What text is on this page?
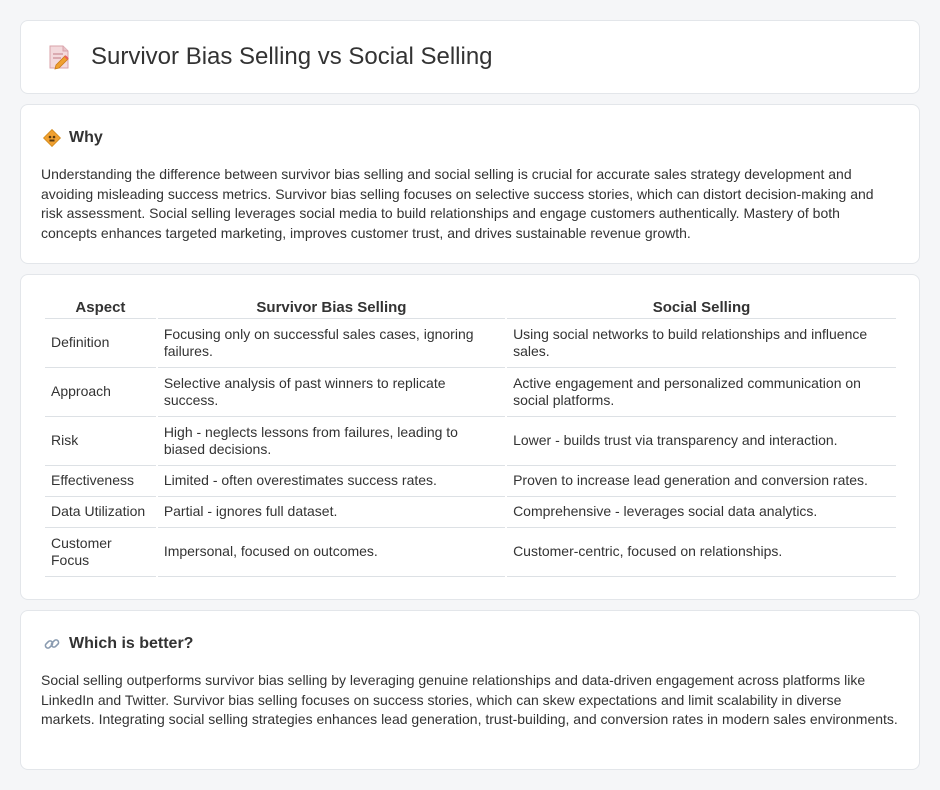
Survivor Bias Selling vs Social Selling
Why

Understanding the difference between survivor bias selling and social selling is crucial for accurate sales strategy development and avoiding misleading success metrics. Survivor bias selling focuses on selective success stories, which can distort decision-making and risk assessment. Social selling leverages social media to build relationships and engage customers authentically. Mastery of both concepts enhances targeted marketing, improves customer trust, and drives sustainable revenue growth.

Aspect	Survivor Bias Selling	Social Selling
Definition	Focusing only on successful sales cases, ignoring failures.	Using social networks to build relationships and influence sales.
Approach	Selective analysis of past winners to replicate success.	Active engagement and personalized communication on social platforms.
Risk	High - neglects lessons from failures, leading to biased decisions.	Lower - builds trust via transparency and interaction.
Effectiveness	Limited - often overestimates success rates.	Proven to increase lead generation and conversion rates.
Data Utilization	Partial - ignores full dataset.	Comprehensive - leverages social data analytics.
Customer Focus	Impersonal, focused on outcomes.	Customer-centric, focused on relationships.
Which is better?

Social selling outperforms survivor bias selling by leveraging genuine relationships and data-driven engagement across platforms like LinkedIn and Twitter. Survivor bias selling focuses on success stories, which can skew expectations and limit scalability in diverse markets. Integrating social selling strategies enhances lead generation, trust-building, and conversion rates in modern sales environments.
